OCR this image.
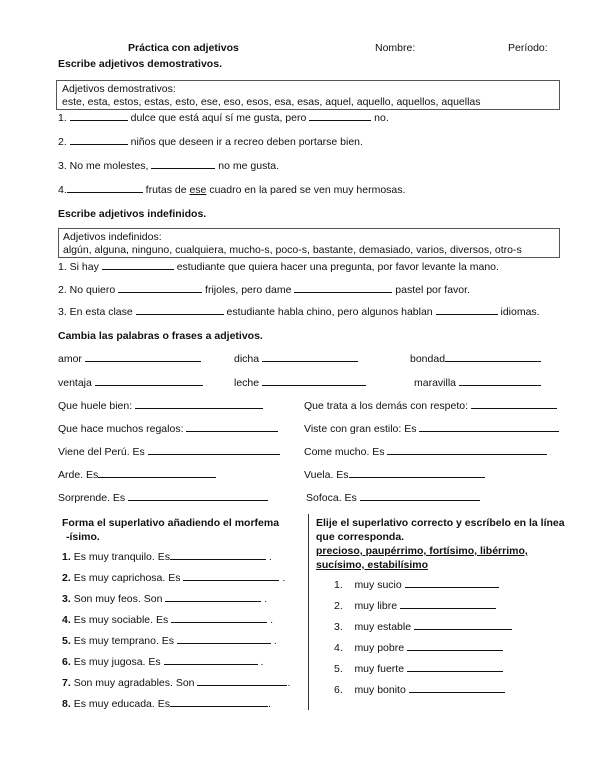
Práctica con adjetivos	Nombre:	Período:
Escribe adjetivos demostrativos.
Adjetivos demostrativos:
este, esta, estos, estas, esto, ese, eso, esos, esa, esas, aquel, aquello, aquellos, aquellas
1.	dulce que está aquí sí me gusta, pero	no.
2.	niños que deseen ir a recreo deben portarse bien.
3. No me molestes,	no me gusta.
4.	frutas de ese cuadro en la pared se ven muy hermosas.
Escribe adjetivos indefinidos.
Adjetivos indefinidos:
algún, alguna, ninguno, cualquiera, mucho-s, poco-s, bastante, demasiado, varios, diversos, otro-s
1. Si hay	estudiante que quiera hacer una pregunta, por favor levante la mano.
2. No quiero	frijoles, pero dame	pastel por favor.
3. En esta clase	estudiante habla chino, pero algunos hablan	idiomas.
Cambia las palabras o frases a adjetivos.
amor	dicha	bondad
ventaja	leche	maravilla
Que huele bien:	Que trata a los demás con respeto:
Que hace muchos regalos:	Viste con gran estilo: Es
Viene del Perú. Es	Come mucho. Es
Arde. Es	Vuela. Es
Sorprende. Es	Sofoca. Es
Forma el superlativo añadiendo el morfema
-ísimo.
1. Es muy tranquilo. Es	.
2. Es muy caprichosa. Es	.
3. Son muy feos. Son	.
4. Es muy sociable. Es	.
5. Es muy temprano. Es	.
6. Es muy jugosa. Es	.
7. Son muy agradables. Son	.
8. Es muy educada. Es	.
Elije el superlativo correcto y escríbelo en la línea
que corresponda.
precioso, paupérrimo, fortísimo, libérrimo,
sucísimo, estabilísimo
1. muy sucio
2. muy libre
3. muy estable
4. muy pobre
5. muy fuerte
6. muy bonito
